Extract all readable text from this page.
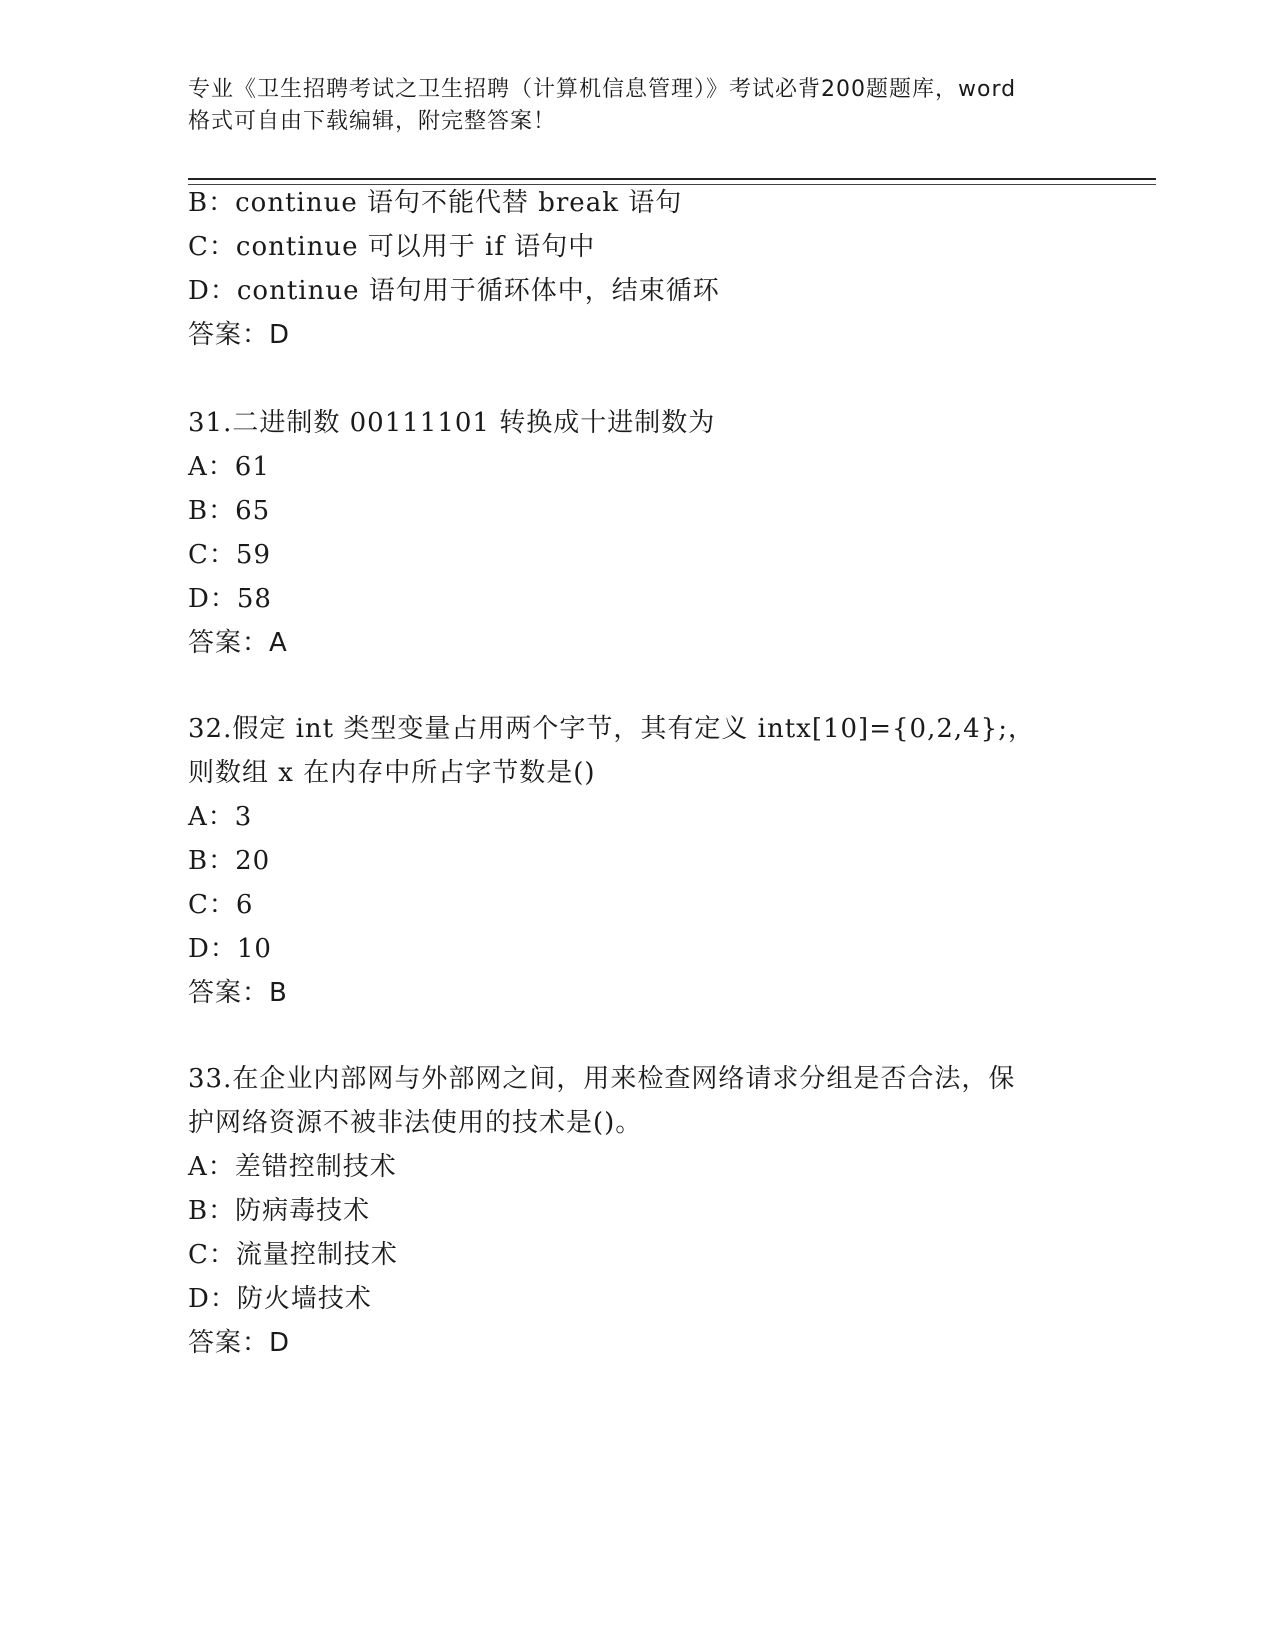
专业《卫生招聘考试之卫生招聘（计算机信息管理）》考试必背200题题库，word
格式可自由下载编辑，附完整答案！
B：continue 语句不能代替 break 语句
C：continue 可以用于 if 语句中
D：continue 语句用于循环体中，结束循环
答案：D
31.二进制数 00111101 转换成十进制数为
A：61
B：65
C：59
D：58
答案：A
32.假定 int 类型变量占用两个字节，其有定义 intx[10]={0,2,4};，
则数组 x 在内存中所占字节数是()
A：3
B：20
C：6
D：10
答案：B
33.在企业内部网与外部网之间，用来检查网络请求分组是否合法，保
护网络资源不被非法使用的技术是()。
A：差错控制技术
B：防病毒技术
C：流量控制技术
D：防火墙技术
答案：D
